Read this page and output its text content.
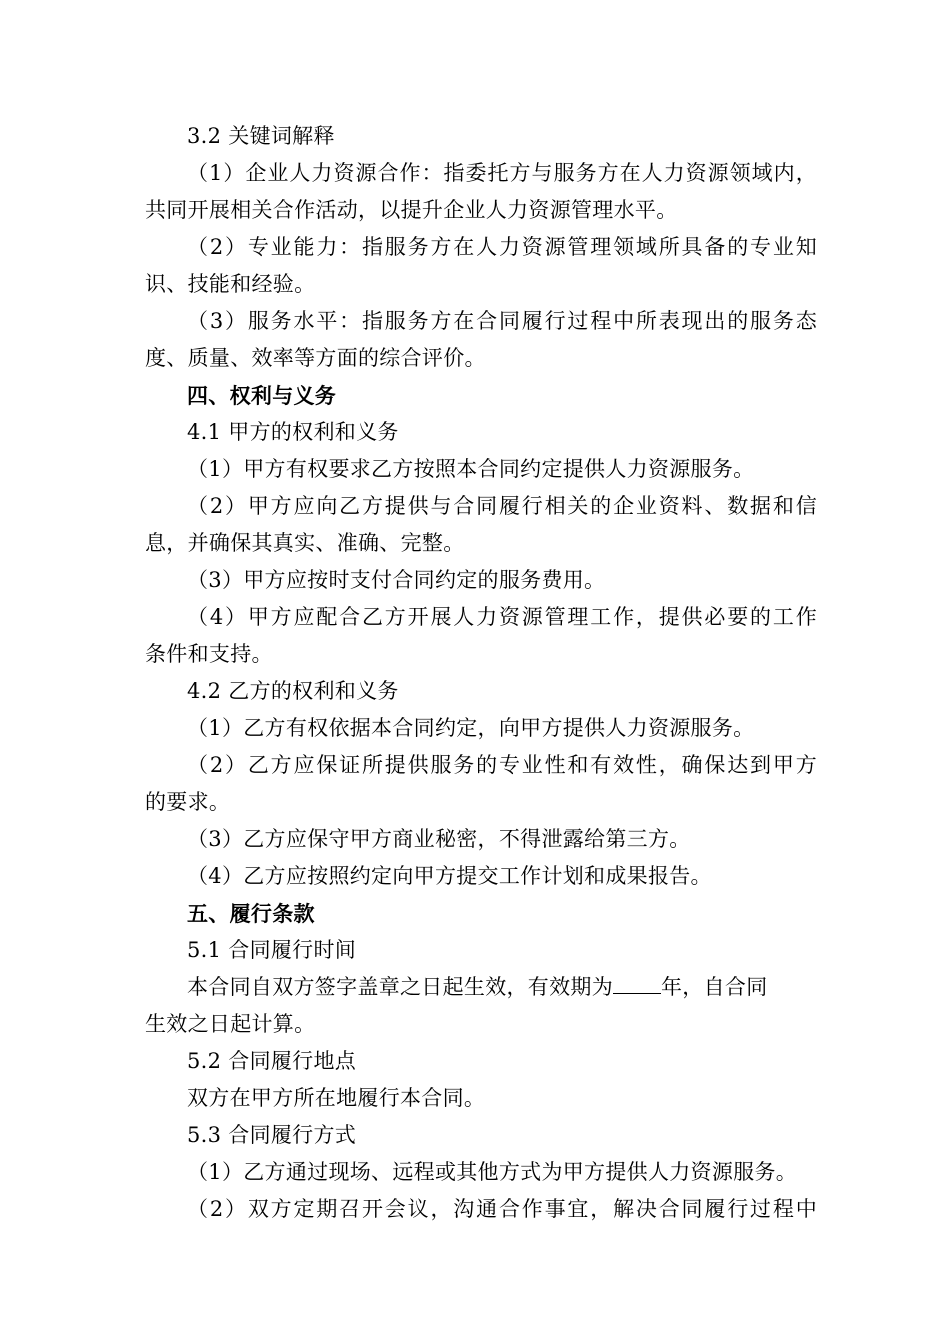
3.2 关键词解释
（1）企业人力资源合作：指委托方与服务方在人力资源领域内，
共同开展相关合作活动，以提升企业人力资源管理水平。
（2）专业能力：指服务方在人力资源管理领域所具备的专业知
识、技能和经验。
（3）服务水平：指服务方在合同履行过程中所表现出的服务态
度、质量、效率等方面的综合评价。
四、权利与义务
4.1 甲方的权利和义务
（1）甲方有权要求乙方按照本合同约定提供人力资源服务。
（2）甲方应向乙方提供与合同履行相关的企业资料、数据和信
息，并确保其真实、准确、完整。
（3）甲方应按时支付合同约定的服务费用。
（4）甲方应配合乙方开展人力资源管理工作，提供必要的工作
条件和支持。
4.2 乙方的权利和义务
（1）乙方有权依据本合同约定，向甲方提供人力资源服务。
（2）乙方应保证所提供服务的专业性和有效性，确保达到甲方
的要求。
（3）乙方应保守甲方商业秘密，不得泄露给第三方。
（4）乙方应按照约定向甲方提交工作计划和成果报告。
五、履行条款
5.1 合同履行时间
本合同自双方签字盖章之日起生效，有效期为 年，自合同
生效之日起计算。
5.2 合同履行地点
双方在甲方所在地履行本合同。
5.3 合同履行方式
（1）乙方通过现场、远程或其他方式为甲方提供人力资源服务。
（2）双方定期召开会议，沟通合作事宜，解决合同履行过程中
